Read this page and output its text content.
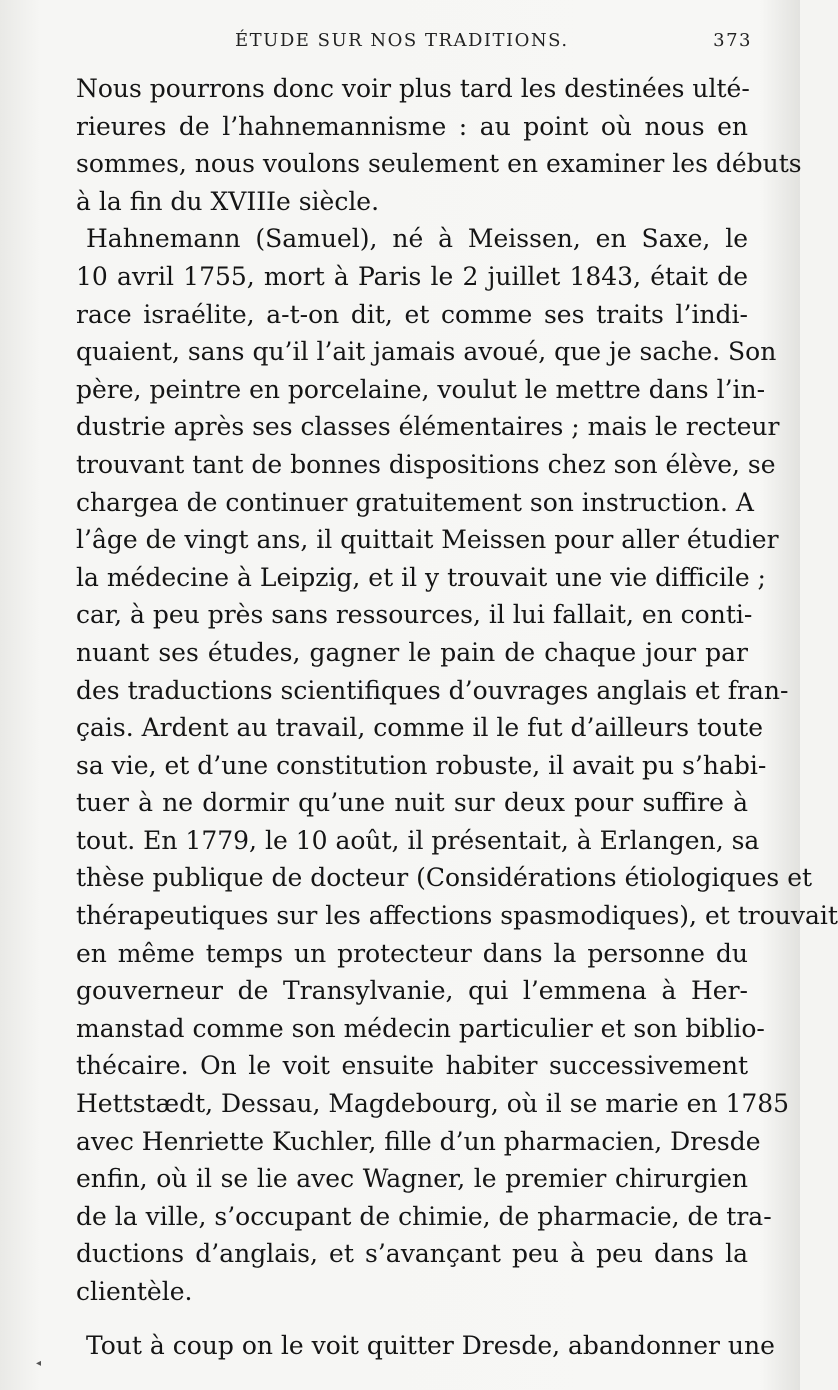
ÉTUDE SUR NOS TRADITIONS.	373
Nous pourrons donc voir plus tard les destinées ulté-
rieures de l’hahnemannisme : au point où nous en
sommes, nous voulons seulement en examiner les débuts
à la fin du XVIIIe siècle.
Hahnemann (Samuel), né à Meissen, en Saxe, le
10 avril 1755, mort à Paris le 2 juillet 1843, était de
race israélite, a-t-on dit, et comme ses traits l’indi-
quaient, sans qu’il l’ait jamais avoué, que je sache. Son
père, peintre en porcelaine, voulut le mettre dans l’in-
dustrie après ses classes élémentaires ; mais le recteur
trouvant tant de bonnes dispositions chez son élève, se
chargea de continuer gratuitement son instruction. A
l’âge de vingt ans, il quittait Meissen pour aller étudier
la médecine à Leipzig, et il y trouvait une vie difficile ;
car, à peu près sans ressources, il lui fallait, en conti-
nuant ses études, gagner le pain de chaque jour par
des traductions scientifiques d’ouvrages anglais et fran-
çais. Ardent au travail, comme il le fut d’ailleurs toute
sa vie, et d’une constitution robuste, il avait pu s’habi-
tuer à ne dormir qu’une nuit sur deux pour suffire à
tout. En 1779, le 10 août, il présentait, à Erlangen, sa
thèse publique de docteur (Considérations étiologiques et
thérapeutiques sur les affections spasmodiques), et trouvait
en même temps un protecteur dans la personne du
gouverneur de Transylvanie, qui l’emmena à Her-
manstad comme son médecin particulier et son biblio-
thécaire. On le voit ensuite habiter successivement
Hettstædt, Dessau, Magdebourg, où il se marie en 1785
avec Henriette Kuchler, fille d’un pharmacien, Dresde
enfin, où il se lie avec Wagner, le premier chirurgien
de la ville, s’occupant de chimie, de pharmacie, de tra-
ductions d’anglais, et s’avançant peu à peu dans la
clientèle.
Tout à coup on le voit quitter Dresde, abandonner une
◂
